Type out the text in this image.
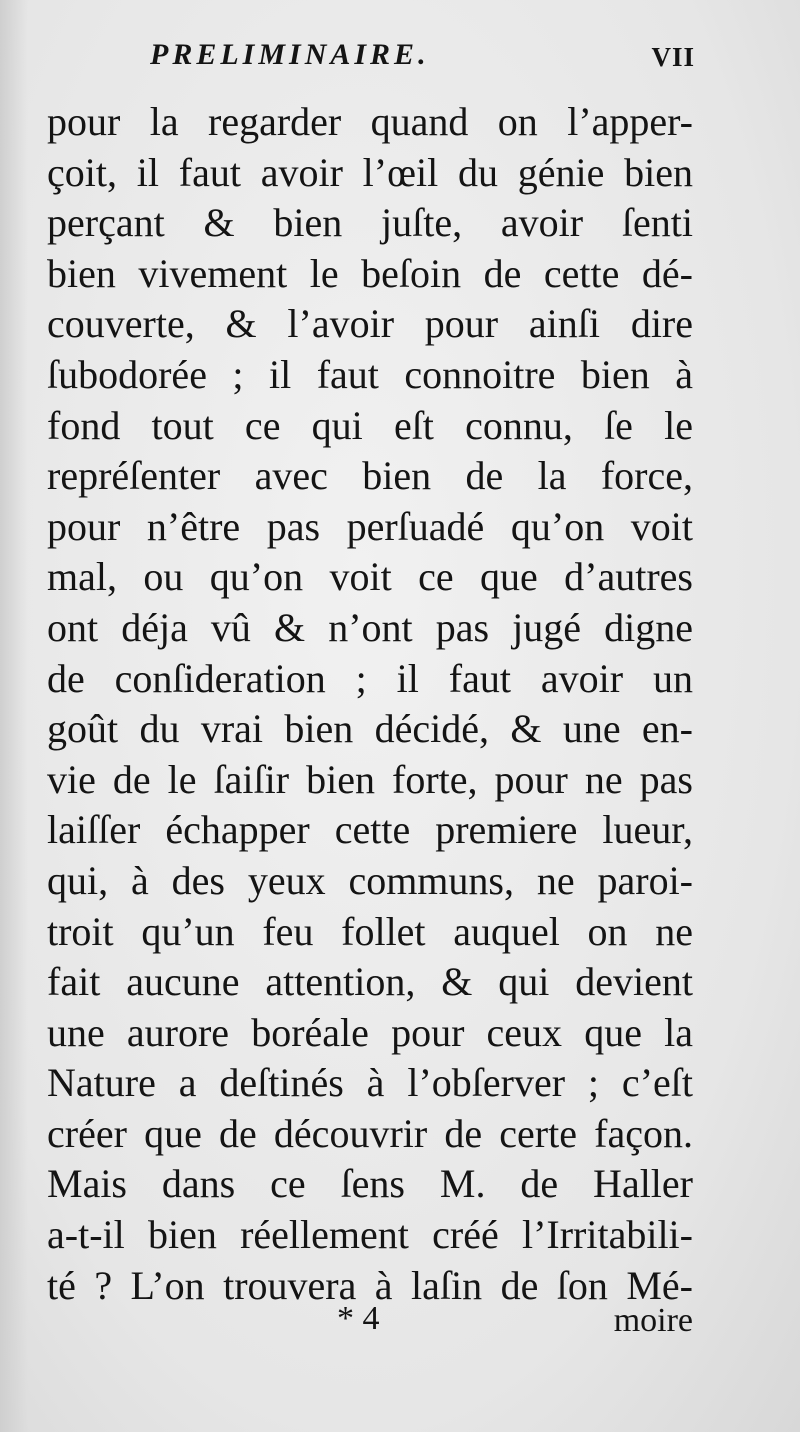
PRELIMINAIRE.	VII
pour la regarder quand on l’apper-
çoit, il faut avoir l’œil du génie bien
perçant & bien juſte, avoir ſenti
bien vivement le beſoin de cette dé-
couverte, & l’avoir pour ainſi dire
ſubodorée ; il faut connoitre bien à
fond tout ce qui eſt connu, ſe le
repréſenter avec bien de la force,
pour n’être pas perſuadé qu’on voit
mal, ou qu’on voit ce que d’autres
ont déja vû & n’ont pas jugé digne
de conſideration ; il faut avoir un
goût du vrai bien décidé, & une en-
vie de le ſaiſir bien forte, pour ne pas
laiſſer échapper cette premiere lueur,
qui, à des yeux communs, ne paroi-
troit qu’un feu follet auquel on ne
fait aucune attention, & qui devient
une aurore boréale pour ceux que la
Nature a deſtinés à l’obſerver ; c’eſt
créer que de découvrir de certe façon.
Mais dans ce ſens M. de Haller
a-t-il bien réellement créé l’Irritabili-
té ? L’on trouvera à laſin de ſon Mé-
* 4	moire
